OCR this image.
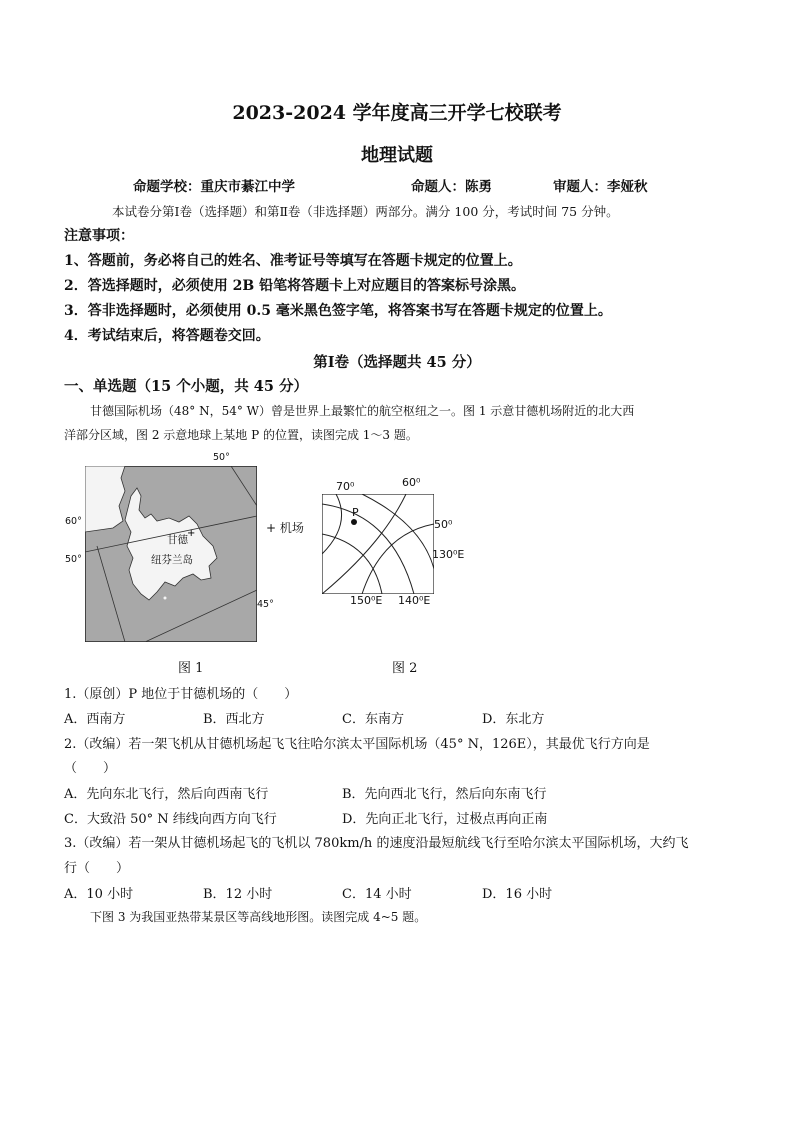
2023-2024 学年度高三开学七校联考
地理试题
命题学校：重庆市綦江中学	命题人：陈勇	审题人：李娅秋
本试卷分第Ⅰ卷（选择题）和第Ⅱ卷（非选择题）两部分。满分 100 分，考试时间 75 分钟。
注意事项：
1、答题前，务必将自己的姓名、准考证号等填写在答题卡规定的位置上。
2．答选择题时，必须使用 2B 铅笔将答题卡上对应题目的答案标号涂黑。
3．答非选择题时，必须使用 0.5 毫米黑色签字笔，将答案书写在答题卡规定的位置上。
4．考试结束后，将答题卷交回。
第Ⅰ卷（选择题共 45 分）
一、单选题（15 个小题，共 45 分）
甘德国际机场（48° N，54° W）曾是世界上最繁忙的航空枢纽之一。图 1 示意甘德机场附近的北大西
洋部分区域，图 2 示意地球上某地 P 的位置，读图完成 1～3 题。
+
50°
60°
50°
45°
甘德
纽芬兰岛
+ 机场
图 1
70⁰	60⁰
50⁰
130⁰E
150⁰E 140⁰E
P
图 2
1.（原创）P 地位于甘德机场的（　　）
A．西南方	B．西北方	C．东南方	D．东北方
2.（改编）若一架飞机从甘德机场起飞飞往哈尔滨太平国际机场（45° N，126E），其最优飞行方向是
（　　）
A．先向东北飞行，然后向西南飞行	B．先向西北飞行，然后向东南飞行
C．大致沿 50° N 纬线向西方向飞行	D．先向正北飞行，过极点再向正南
3.（改编）若一架从甘德机场起飞的飞机以 780km/h 的速度沿最短航线飞行至哈尔滨太平国际机场，大约飞
行（　　）
A．10 小时	B．12 小时	C．14 小时	D．16 小时
下图 3 为我国亚热带某景区等高线地形图。读图完成 4~5 题。
